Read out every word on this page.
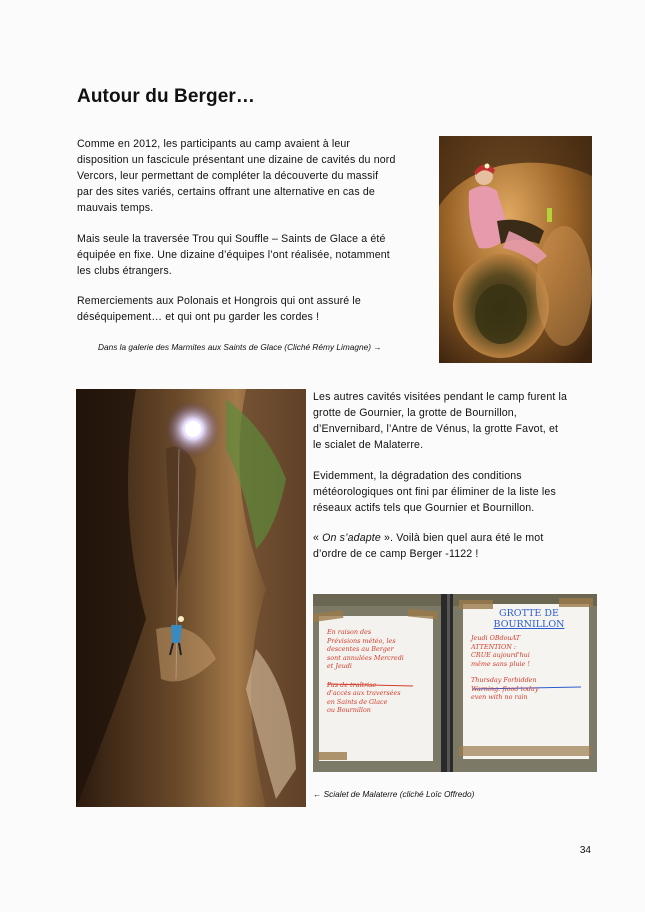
Autour du Berger…
Comme en 2012, les participants au camp avaient à leur
disposition un fascicule présentant une dizaine de cavités du nord
Vercors, leur permettant de compléter la découverte du massif
par des sites variés, certains offrant une alternative en cas de
mauvais temps.
Mais seule la traversée Trou qui Souffle – Saints de Glace a été
équipée en fixe. Une dizaine d’équipes l’ont réalisée, notamment
les clubs étrangers.
Remerciements aux Polonais et Hongrois qui ont assuré le
déséquipement… et qui ont pu garder les cordes !
Dans la galerie des Marmites aux Saints de Glace (Cliché Rémy Limagne) →
Les autres cavités visitées pendant le camp furent la
grotte de Gournier, la grotte de Bournillon,
d’Envernibard, l’Antre de Vénus, la grotte Favot, et
le scialet de Malaterre.
Evidemment, la dégradation des conditions
météorologiques ont fini par éliminer de la liste les
réseaux actifs tels que Gournier et Bournillon.
« On s’adapte ». Voilà bien quel aura été le mot
d’ordre de ce camp Berger -1122 !
En raison des
Prévisions météo, les
descentes au Berger
sont annulées Mercredi
et Jeudi
Pas de traîtrise
d'accès aux traversées
en Saints de Glace
ou Bournillon
GROTTE DE
BOURNILLON
Jeudi OBdouAT
ATTENTION :
CRUE aujourd'hui
même sans pluie !
Thursday Forbidden
Warning: flood today
even with no rain
← Scialet de Malaterre (cliché Loïc Offredo)
34
